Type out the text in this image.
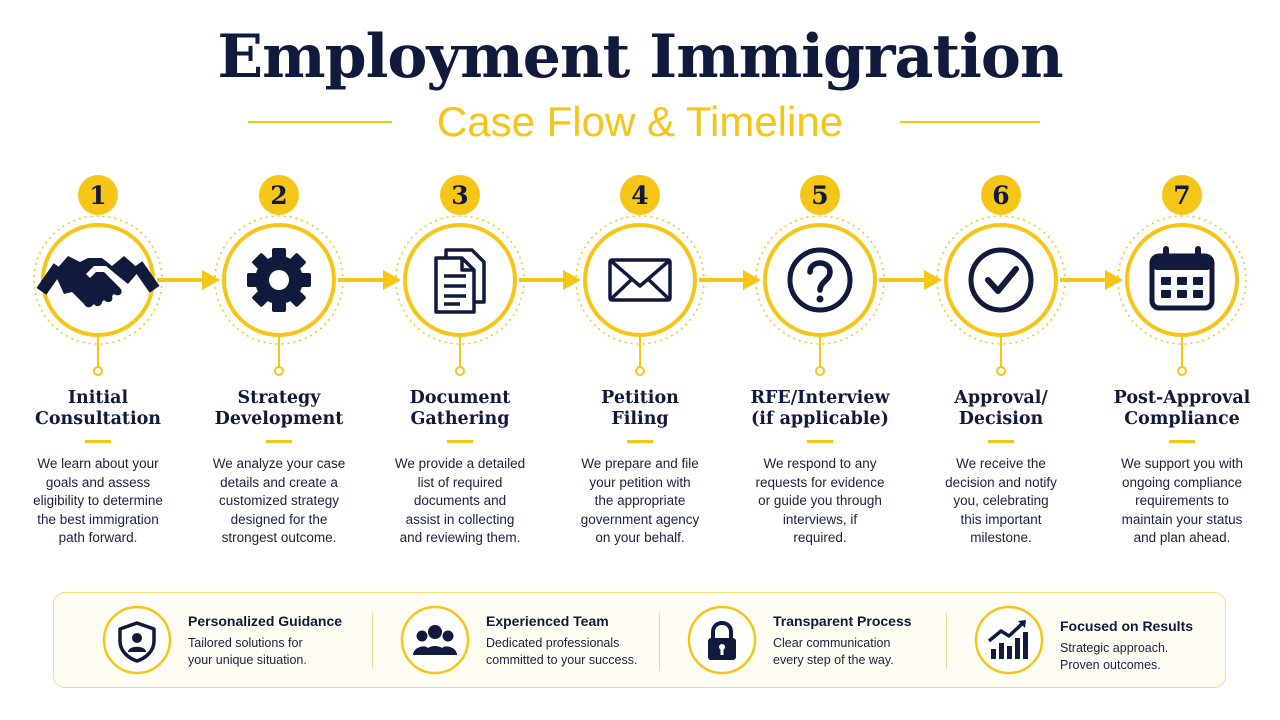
Employment Immigration
Case Flow & Timeline
1	2	3	4	5	6	7
Initial
Consultation
We learn about your
goals and assess
eligibility to determine
the best immigration
path forward.
Strategy
Development
We analyze your case
details and create a
customized strategy
designed for the
strongest outcome.
Document
Gathering
We provide a detailed
list of required
documents and
assist in collecting
and reviewing them.
Petition
Filing
We prepare and file
your petition with
the appropriate
government agency
on your behalf.
RFE/Interview
(if applicable)
We respond to any
requests for evidence
or guide you through
interviews, if
required.
Approval/
Decision
We receive the
decision and notify
you, celebrating
this important
milestone.
Post-Approval
Compliance
We support you with
ongoing compliance
requirements to
maintain your status
and plan ahead.
Personalized Guidance
Tailored solutions for
your unique situation.
Experienced Team
Dedicated professionals
committed to your success.
Transparent Process
Clear communication
every step of the way.
Focused on Results
Strategic approach.
Proven outcomes.
